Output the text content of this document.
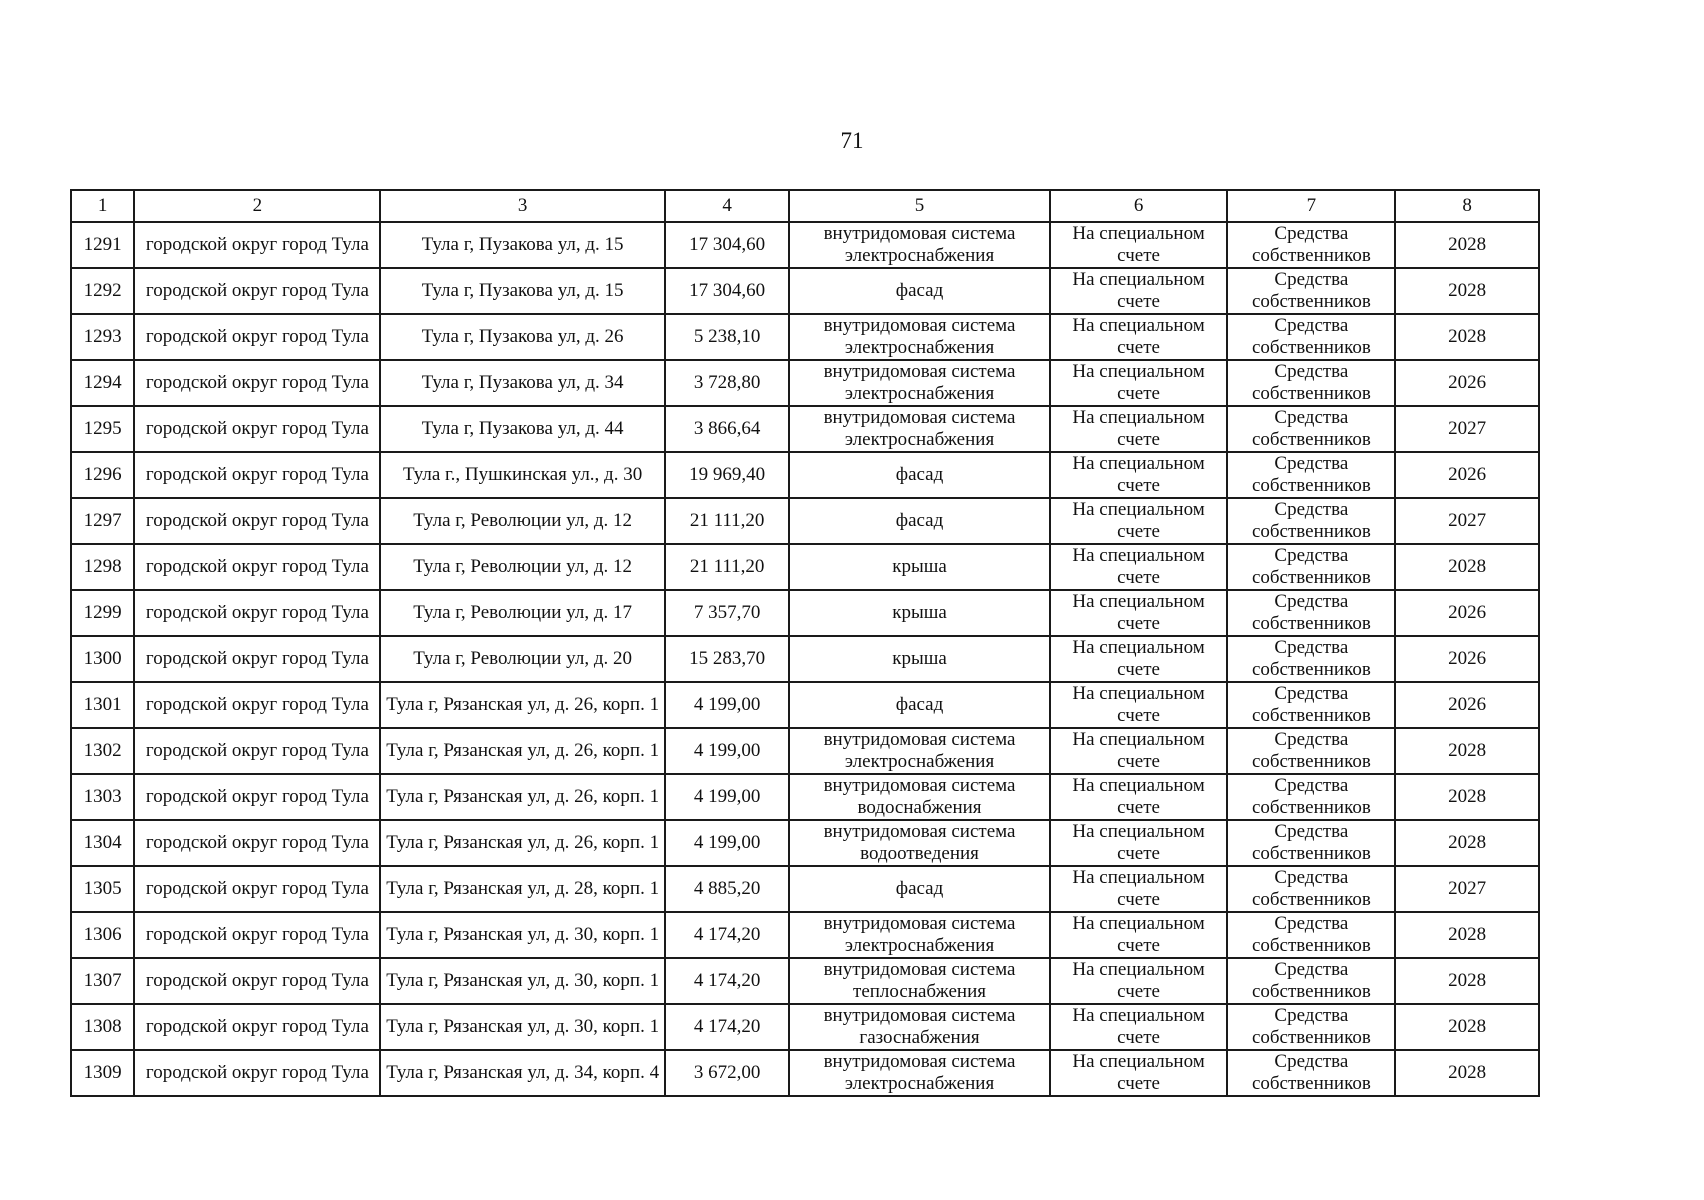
71
1	2	3	4	5	6	7	8
1291	городской округ город Тула	Тула г, Пузакова ул, д. 15	17 304,60	внутридомовая система электроснабжения	На специальном счете	Средства собственников	2028
1292	городской округ город Тула	Тула г, Пузакова ул, д. 15	17 304,60	фасад	На специальном счете	Средства собственников	2028
1293	городской округ город Тула	Тула г, Пузакова ул, д. 26	5 238,10	внутридомовая система электроснабжения	На специальном счете	Средства собственников	2028
1294	городской округ город Тула	Тула г, Пузакова ул, д. 34	3 728,80	внутридомовая система электроснабжения	На специальном счете	Средства собственников	2026
1295	городской округ город Тула	Тула г, Пузакова ул, д. 44	3 866,64	внутридомовая система электроснабжения	На специальном счете	Средства собственников	2027
1296	городской округ город Тула	Тула г., Пушкинская ул., д. 30	19 969,40	фасад	На специальном счете	Средства собственников	2026
1297	городской округ город Тула	Тула г, Революции ул, д. 12	21 111,20	фасад	На специальном счете	Средства собственников	2027
1298	городской округ город Тула	Тула г, Революции ул, д. 12	21 111,20	крыша	На специальном счете	Средства собственников	2028
1299	городской округ город Тула	Тула г, Революции ул, д. 17	7 357,70	крыша	На специальном счете	Средства собственников	2026
1300	городской округ город Тула	Тула г, Революции ул, д. 20	15 283,70	крыша	На специальном счете	Средства собственников	2026
1301	городской округ город Тула	Тула г, Рязанская ул, д. 26, корп. 1	4 199,00	фасад	На специальном счете	Средства собственников	2026
1302	городской округ город Тула	Тула г, Рязанская ул, д. 26, корп. 1	4 199,00	внутридомовая система электроснабжения	На специальном счете	Средства собственников	2028
1303	городской округ город Тула	Тула г, Рязанская ул, д. 26, корп. 1	4 199,00	внутридомовая система водоснабжения	На специальном счете	Средства собственников	2028
1304	городской округ город Тула	Тула г, Рязанская ул, д. 26, корп. 1	4 199,00	внутридомовая система водоотведения	На специальном счете	Средства собственников	2028
1305	городской округ город Тула	Тула г, Рязанская ул, д. 28, корп. 1	4 885,20	фасад	На специальном счете	Средства собственников	2027
1306	городской округ город Тула	Тула г, Рязанская ул, д. 30, корп. 1	4 174,20	внутридомовая система электроснабжения	На специальном счете	Средства собственников	2028
1307	городской округ город Тула	Тула г, Рязанская ул, д. 30, корп. 1	4 174,20	внутридомовая система теплоснабжения	На специальном счете	Средства собственников	2028
1308	городской округ город Тула	Тула г, Рязанская ул, д. 30, корп. 1	4 174,20	внутридомовая система газоснабжения	На специальном счете	Средства собственников	2028
1309	городской округ город Тула	Тула г, Рязанская ул, д. 34, корп. 4	3 672,00	внутридомовая система электроснабжения	На специальном счете	Средства собственников	2028
